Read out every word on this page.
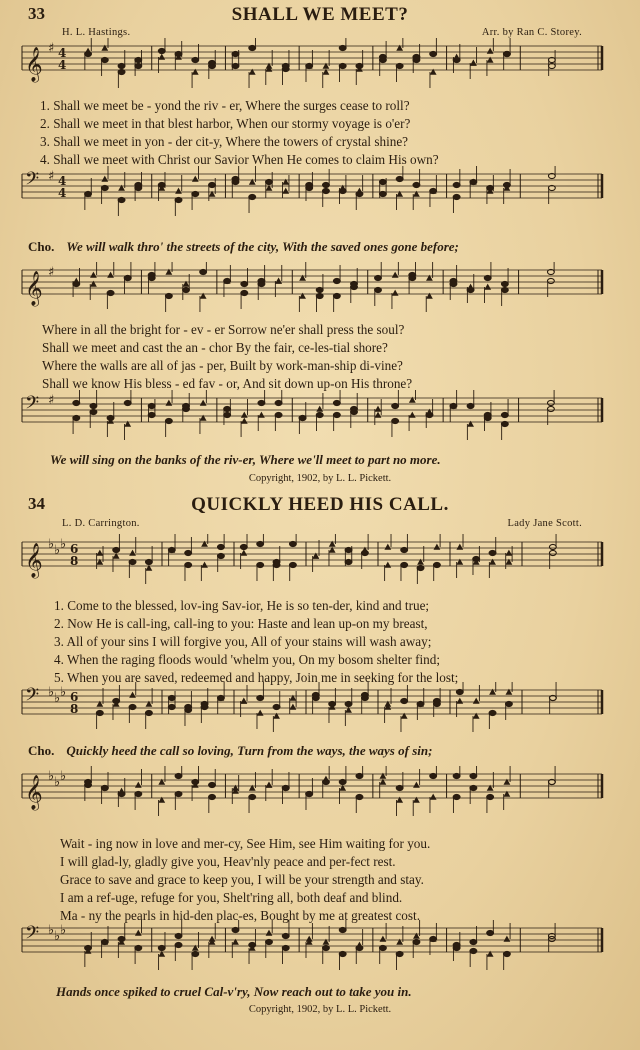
33	SHALL WE MEET?
H. L. Hastings.	Arr. by Ran C. Storey.
𝄞 ♯ 4
4
1. Shall we meet be - yond the riv - er, Where the surges cease to roll?
2. Shall we meet in that blest harbor, When our stormy voyage is o'er?
3. Shall we meet in yon - der cit-y, Where the towers of crystal shine?
4. Shall we meet with Christ our Savior When He comes to claim His own?
𝄢 ♯ 4
4
Cho. We will walk thro' the streets of the city, With the saved ones gone before;
𝄞 ♯
Where in all the bright for - ev - er Sorrow ne'er shall press the soul?
Shall we meet and cast the an - chor By the fair, ce-les-tial shore?
Where the walls are all of jas - per, Built by work-man-ship di-vine?
Shall we know His bless - ed fav - or, And sit down up-on His throne?
𝄢 ♯
We will sing on the banks of the riv-er, Where we'll meet to part no more.
Copyright, 1902, by L. L. Pickett.
34	QUICKLY HEED HIS CALL.
L. D. Carrington.	Lady Jane Scott.
𝄞 ♭ ♭ ♭ 6
8
1. Come to the blessed, lov-ing Sav-ior, He is so ten-der, kind and true;
2. Now He is call-ing, call-ing to you: Haste and lean up-on my breast,
3. All of your sins I will forgive you, All of your stains will wash away;
4. When the raging floods would 'whelm you, On my bosom shelter find;
5. When you are saved, redeemed and happy, Join me in seeking for the lost;
𝄢 ♭ ♭ ♭ 6
8
Cho. Quickly heed the call so loving, Turn from the ways, the ways of sin;
𝄞 ♭ ♭ ♭
Wait - ing now in love and mer-cy, See Him, see Him waiting for you.
I will glad-ly, gladly give you, Heav'nly peace and per-fect rest.
Grace to save and grace to keep you, I will be your strength and stay.
I am a ref-uge, refuge for you, Shelt'ring all, both deaf and blind.
Ma - ny the pearls in hid-den plac-es, Bought by me at greatest cost.
𝄢 ♭ ♭ ♭
Hands once spiked to cruel Cal-v'ry, Now reach out to take you in.
Copyright, 1902, by L. L. Pickett.
